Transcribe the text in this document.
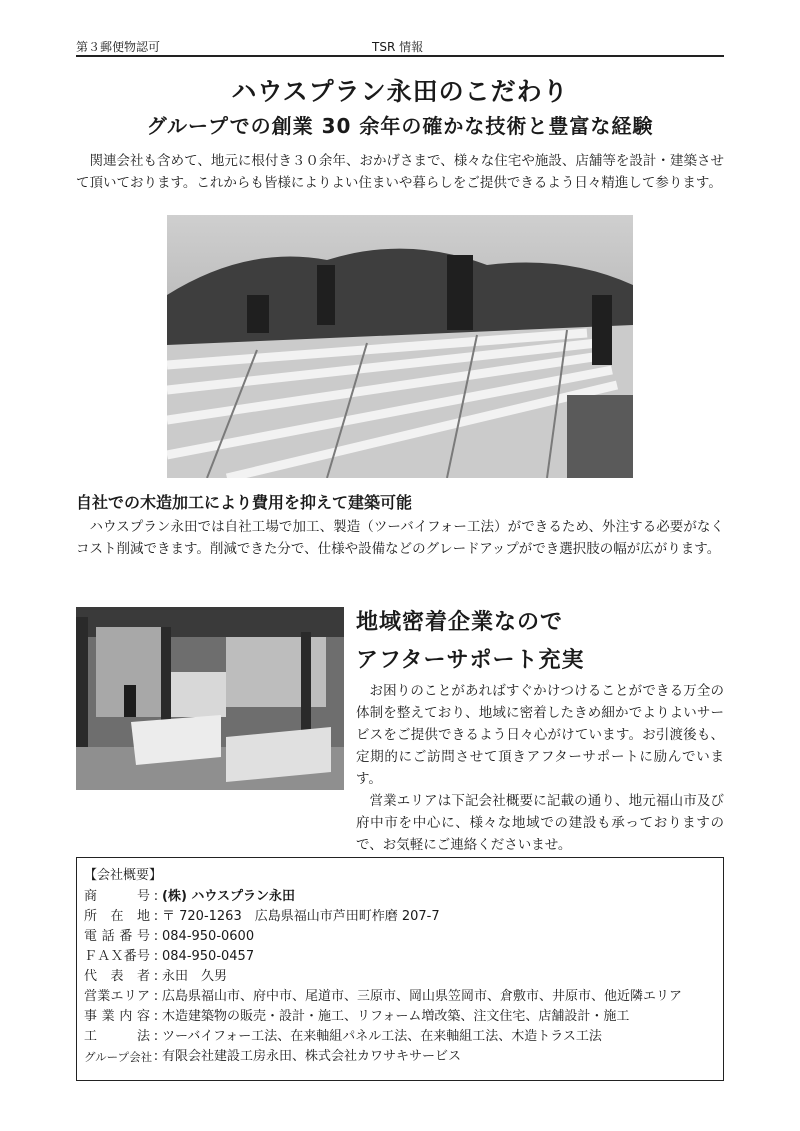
第３郵便物認可	TSR 情報
ハウスプラン永田のこだわり
グループでの創業 30 余年の確かな技術と豊富な経験

関連会社も含めて、地元に根付き３０余年、おかげさまで、様々な住宅や施設、店舗等を設計・建築させて頂いております。これからも皆様によりよい住まいや暮らしをご提供できるよう日々精進して参ります。

自社での木造加工により費用を抑えて建築可能

ハウスプラン永田では自社工場で加工、製造（ツーバイフォー工法）ができるため、外注する必要がなくコスト削減できます。削減できた分で、仕様や設備などのグレードアップができ選択肢の幅が広がります。

地域密着企業なので
アフターサポート充実

お困りのことがあればすぐかけつけることができる万全の体制を整えており、地域に密着したきめ細かでよりよいサービスをご提供できるよう日々心がけています。お引渡後も、定期的にご訪問させて頂きアフターサポートに励んでいます。

営業エリアは下記会社概要に記載の通り、地元福山市及び府中市を中心に、様々な地域での建設も承っておりますので、お気軽にご連絡くださいませ。

【会社概要】
商号 : (株) ハウスプラン永田
所在地 : 〒 720-1263　広島県福山市芦田町柞磨 207-7
電話番号 : 084-950-0600
ＦＡＸ番号 : 084-950-0457
代表者 : 永田　久男
営業エリア : 広島県福山市、府中市、尾道市、三原市、岡山県笠岡市、倉敷市、井原市、他近隣エリア
事業内容 : 木造建築物の販売・設計・施工、リフォーム増改築、注文住宅、店舗設計・施工
工法 : ツーバイフォー工法、在来軸組パネル工法、在来軸組工法、木造トラス工法
グループ会社 : 有限会社建設工房永田、株式会社カワサキサービス
